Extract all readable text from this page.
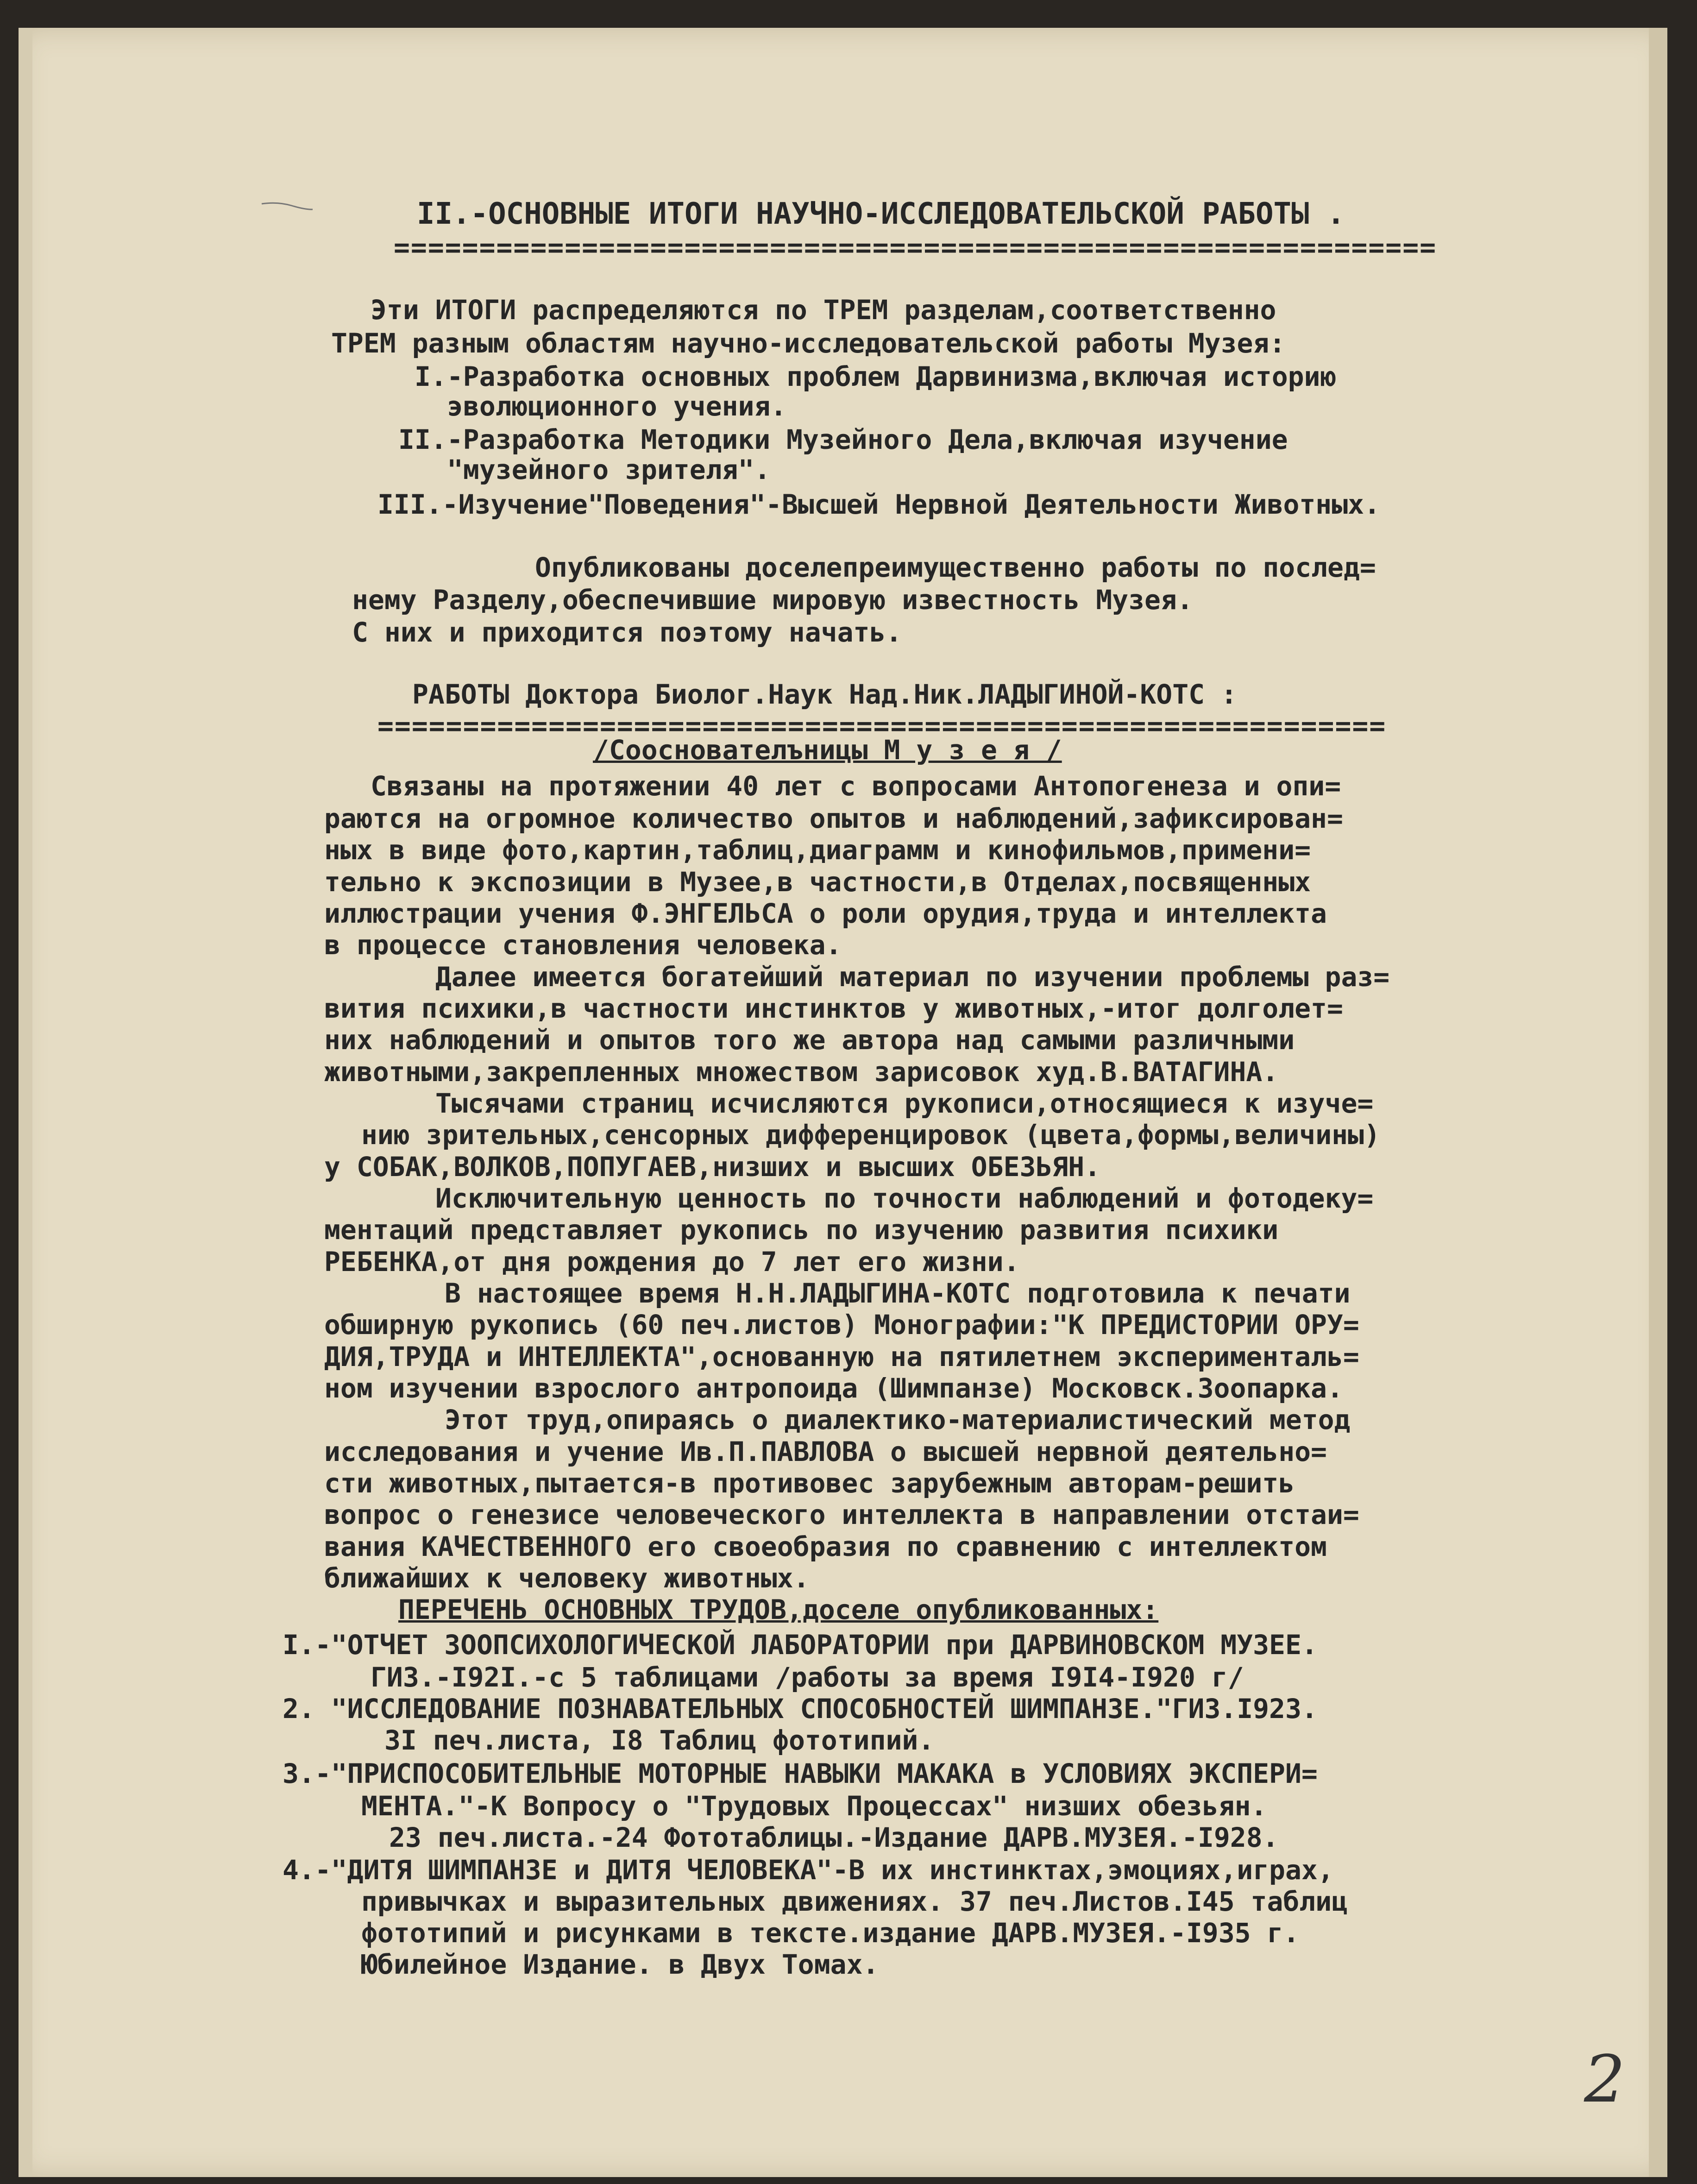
II.-ОСНОВНЫЕ ИТОГИ НАУЧНО-ИССЛЕДОВАТЕЛЬСКОЙ РАБОТЫ .
=============================================================
Эти ИТОГИ распределяются по ТРЕМ разделам,соответственно
ТРЕМ разным областям научно-исследовательской работы Музея:
I.-Разработка основных проблем Дарвинизма,включая историю
эволюционного учения.
II.-Разработка Методики Музейного Дела,включая изучение
"музейного зрителя".
III.-Изучение"Поведения"-Высшей Нервной Деятельности Животных.
Опубликованы доселепреимущественно работы по послед=
нему Разделу,обеспечившие мировую известность Музея.
С них и приходится поэтому начать.
РАБОТЫ Доктора Биолог.Наук Над.Ник.ЛАДЫГИНОЙ-КОТС :
===========================================================
/Сооснователъницы М у з е я /
Связаны на протяжении 40 лет с вопросами Антопогенеза и опи=
раются на огромное количество опытов и наблюдений,зафиксирован=
ных в виде фото,картин,таблиц,диаграмм и кинофильмов,примени=
тельно к экспозиции в Музее,в частности,в Отделах,посвященных
иллюстрации учения Ф.ЭНГЕЛЬСА о роли орудия,труда и интеллекта
в процессе становления человека.
Далее имеется богатейший материал по изучении проблемы раз=
вития психики,в частности инстинктов у животных,-итог долголет=
них наблюдений и опытов того же автора над самыми различными
животными,закрепленных множеством зарисовок худ.В.ВАТАГИНА.
Тысячами страниц исчисляются рукописи,относящиеся к изуче=
нию зрительных,сенсорных дифференцировок (цвета,формы,величины)
у СОБАК,ВОЛКОВ,ПОПУГАЕВ,низших и высших ОБЕЗЬЯН.
Исключительную ценность по точности наблюдений и фотодеку=
ментаций представляет рукопись по изучению развития психики
РЕБЕНКА,от дня рождения до 7 лет его жизни.
В настоящее время Н.Н.ЛАДЫГИНА-КОТС подготовила к печати
обширную рукопись (60 печ.листов) Монографии:"К ПРЕДИСТОРИИ ОРУ=
ДИЯ,ТРУДА и ИНТЕЛЛЕКТА",основанную на пятилетнем эксперименталь=
ном изучении взрослого антропоида (Шимпанзе) Московск.Зоопарка.
Этот труд,опираясь о диалектико-материалистический метод
исследования и учение Ив.П.ПАВЛОВА о высшей нервной деятельно=
сти животных,пытается-в противовес зарубежным авторам-решить
вопрос о генезисе человеческого интеллекта в направлении отстаи=
вания КАЧЕСТВЕННОГО его своеобразия по сравнению с интеллектом
ближайших к человеку животных.
ПЕРЕЧЕНЬ ОСНОВНЫХ ТРУДОВ,доселе опубликованных:
I.-"ОТЧЕТ ЗООПСИХОЛОГИЧЕСКОЙ ЛАБОРАТОРИИ при ДАРВИНОВСКОМ МУЗЕЕ.
ГИЗ.-I92I.-с 5 таблицами /работы за время I9I4-I920 г/
2. "ИССЛЕДОВАНИЕ ПОЗНАВАТЕЛЬНЫХ СПОСОБНОСТЕЙ ШИМПАНЗЕ."ГИЗ.I923.
3I печ.листа, I8 Таблиц фототипий.
3.-"ПРИСПОСОБИТЕЛЬНЫЕ МОТОРНЫЕ НАВЫКИ МАКАКА в УСЛОВИЯХ ЭКСПЕРИ=
МЕНТА."-К Вопросу о "Трудовых Процессах" низших обезьян.
23 печ.листа.-24 Фототаблицы.-Издание ДАРВ.МУЗЕЯ.-I928.
4.-"ДИТЯ ШИМПАНЗЕ и ДИТЯ ЧЕЛОВЕКА"-В их инстинктах,эмоциях,играх,
привычках и выразительных движениях. 37 печ.Листов.I45 таблиц
фототипий и рисунками в тексте.издание ДАРВ.МУЗЕЯ.-I935 г.
Юбилейное Издание. в Двух Томах.
2
